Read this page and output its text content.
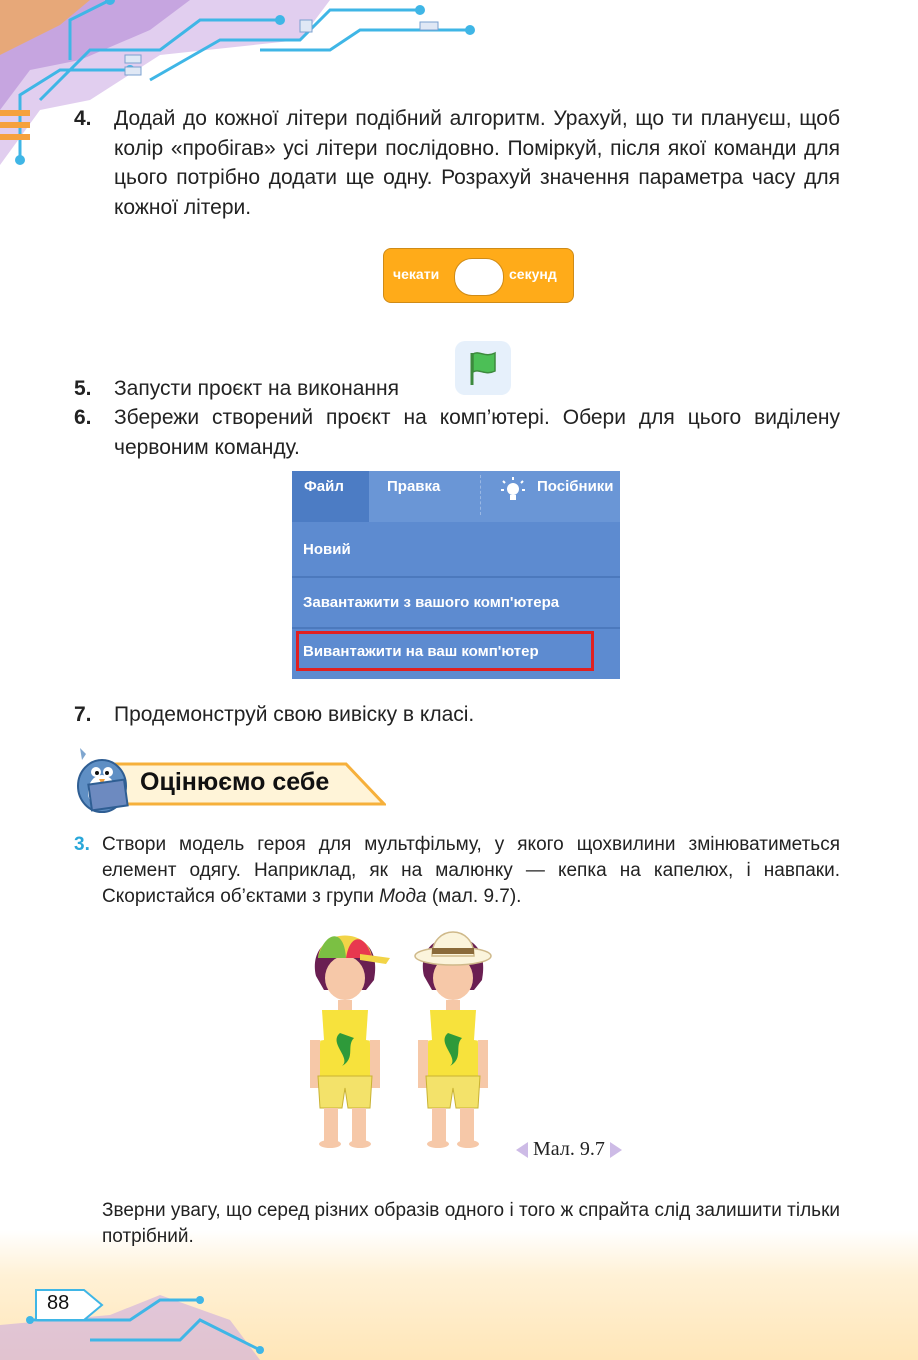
4. Додай до кожної літери подібний алгоритм. Урахуй, що ти плануєш, щоб колір «пробігав» усі літери послідовно. Поміркуй, після якої команди для цього потрібно додати ще одну. Розрахуй значення параметра часу для кожної літери.
чекати	секунд
5. Запусти проєкт на виконання
6. Збережи створений проєкт на комп’ютері. Обери для цього виділену червоним команду.
Файл	Правка	Посібники
Новий
Завантажити з вашого комп'ютера
Вивантажити на ваш комп'ютер
7. Продемонструй свою вивіску в класі.
Оцінюємо себе
3. Створи модель героя для мультфільму, у якого щохвилини змінюватиметься елемент одягу. Наприклад, як на малюнку — кепка на капелюх, і навпаки. Скористайся об’єктами з групи Мода (мал. 9.7).
Мал. 9.7
Зверни увагу, що серед різних образів одного і того ж спрайта слід залишити тільки потрібний.
88
